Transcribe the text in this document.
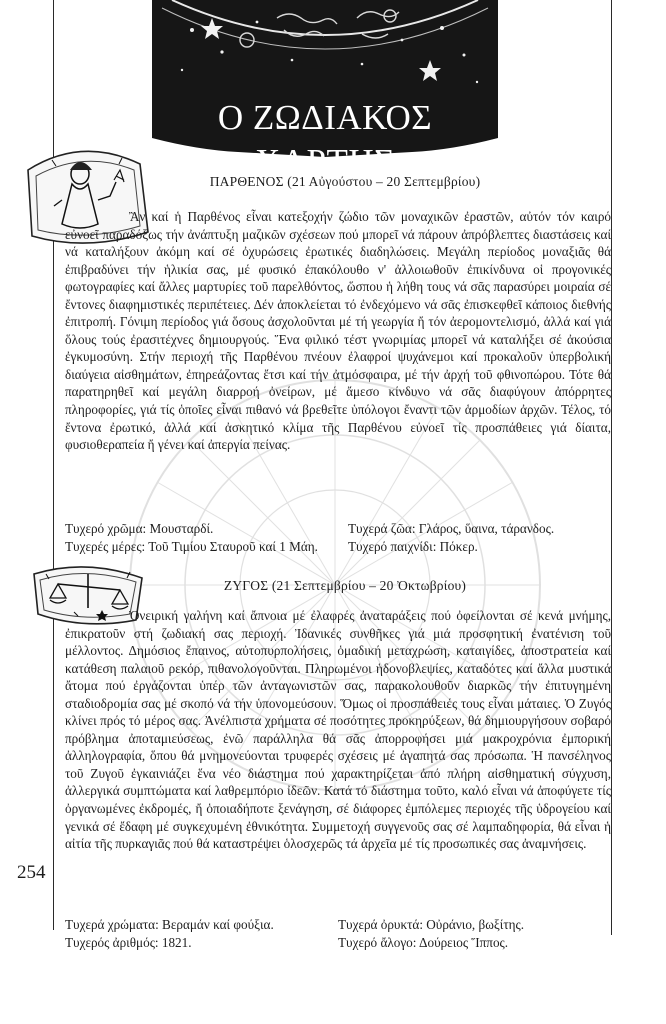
Ο ΖΩΔΙΑΚΟΣ ΧΑΡΤΗΣ
ΠΑΡΘΕΝΟΣ (21 Αὐγούστου – 20 Σεπτεμβρίου)

Ἂν καί ἡ Παρθένος εἶναι κατεξοχήν ζώδιο τῶν μοναχικῶν ἐραστῶν, αὐτόν τόν καιρό εὐνοεῖ παραδόξως τήν ἀνάπτυξη μαζικῶν σχέσεων πού μπορεῖ νά πάρουν ἀπρόβλεπτες διαστάσεις καί νά καταλήξουν ἀκόμη καί σέ ὀχυρώσεις ἐρωτικές διαδηλώσεις. Μεγάλη περίοδος μοναξιᾶς θά ἐπιβραδύνει τήν ἡλικία σας, μέ φυσικό ἐπακόλουθο ν' ἀλλοιωθοῦν ἐπικίνδυνα οἱ προγονικές φωτογραφίες καί ἄλλες μαρτυρίες τοῦ παρελθόντος, ὥσπου ἡ λήθη τους νά σᾶς παρασύρει μοιραία σέ ἔντονες διαφημιστικές περιπέτειες. Δέν ἀποκλείεται τό ἐνδεχόμενο νά σᾶς ἐπισκεφθεῖ κάποιος διεθνής ἐπιτροπή. Γόνιμη περίοδος γιά ὅσους ἀσχολοῦνται μέ τή γεωργία ἤ τόν ἀερομοντελισμό, ἀλλά καί γιά ὅλους τούς ἐρασιτέχνες δημιουργούς. Ἕνα φιλικό τέστ γνωριμίας μπορεῖ νά καταλήξει σέ ἀκούσια ἐγκυμοσύνη. Στήν περιοχή τῆς Παρθένου πνέουν ἐλαφροί ψυχάνεμοι καί προκαλοῦν ὑπερβολική διαύγεια αἰσθημάτων, ἐπηρεάζοντας ἔτσι καί τήν ἀτμόσφαιρα, μέ τήν ἀρχή τοῦ φθινοπώρου. Τότε θά παρατηρηθεῖ καί μεγάλη διαρροή ὀνείρων, μέ ἄμεσο κίνδυνο νά σᾶς διαφύγουν ἀπόρρητες πληροφορίες, γιά τίς ὁποῖες εἶναι πιθανό νά βρεθεῖτε ὑπόλογοι ἔναντι τῶν ἁρμοδίων ἀρχῶν. Τέλος, τό ἔντονα ἐρωτικό, ἀλλά καί ἀσκητικό κλίμα τῆς Παρθένου εὐνοεῖ τίς προσπάθειες γιά δίαιτα, φυσιοθεραπεία ἤ γένει καί ἀπεργία πείνας.

Τυχερό χρῶμα: Μουσταρδί.	Τυχερά ζῶα: Γλάρος, ὕαινα, τάρανδος.
Τυχερές μέρες: Τοῦ Τιμίου Σταυροῦ καί 1 Μάη. Τυχερό παιχνίδι: Πόκερ.
ΖΥΓΟΣ (21 Σεπτεμβρίου – 20 Ὀκτωβρίου)

Ὀνειρική γαλήνη καί ἄπνοια μέ ἐλαφρές ἀναταράξεις πού ὀφείλονται σέ κενά μνήμης, ἐπικρατοῦν στή ζωδιακή σας περιοχή. Ἰδανικές συνθῆκες γιά μιά προσφητική ἐνατένιση τοῦ μέλλοντος. Δημόσιος ἔπαινος, αὐτοπυρπολήσεις, ὁμαδική μεταχρώση, καταιγίδες, ἀποστρατεία καί κατάθεση παλαιοῦ ρεκόρ, πιθανολογοῦνται. Πληρωμένοι ἡδονοβλεψίες, καταδότες καί ἄλλα μυστικά ἄτομα πού ἐργάζονται ὑπέρ τῶν ἀνταγωνιστῶν σας, παρακολουθοῦν διαρκῶς τήν ἐπιτυγημένη σταδιοδρομία σας μέ σκοπό νά τήν ὑπονομεύσουν. Ὅμως οἱ προσπάθειές τους εἶναι μάταιες. Ὁ Ζυγός κλίνει πρός τό μέρος σας. Ἀνέλπιστα χρήματα σέ ποσότητες προκηρύξεων, θά δημιουργήσουν σοβαρό πρόβλημα ἀποταμιεύσεως, ἐνῶ παράλληλα θά σᾶς ἀπορροφήσει μιά μακροχρόνια ἐμπορική ἀλληλογραφία, ὅπου θά μνημονεύονται τρυφερές σχέσεις μέ ἀγαπητά σας πρόσωπα. Ἡ πανσέληνος τοῦ Ζυγοῦ ἐγκαινιάζει ἕνα νέο διάστημα πού χαρακτηρίζεται ἀπό πλήρη αἰσθηματική σύγχυση, ἀλλεργικά συμπτώματα καί λαθρεμπόριο ἰδεῶν. Κατά τό διάστημα τοῦτο, καλό εἶναι νά ἀποφύγετε τίς ὀργανωμένες ἐκδρομές, ἤ ὁποιαδήποτε ξενάγηση, σέ διάφορες ἐμπόλεμες περιοχές τῆς ὑδρογείου καί γενικά σέ ἔδαφη μέ συγκεχυμένη ἐθνικότητα. Συμμετοχή συγγενοῦς σας σέ λαμπαδηφορία, θά εἶναι ἡ αἰτία τῆς πυρκαγιᾶς πού θά καταστρέψει ὁλοσχερῶς τά ἀρχεῖα μέ τίς προσωπικές σας ἀναμνήσεις.

Τυχερά χρώματα: Βεραμάν καί φούξια.	Τυχερά ὀρυκτά: Οὐράνιο, βωξίτης.
Τυχερός ἀριθμός: 1821.	Τυχερό ἄλογο: Δούρειος Ἵππος.
254
